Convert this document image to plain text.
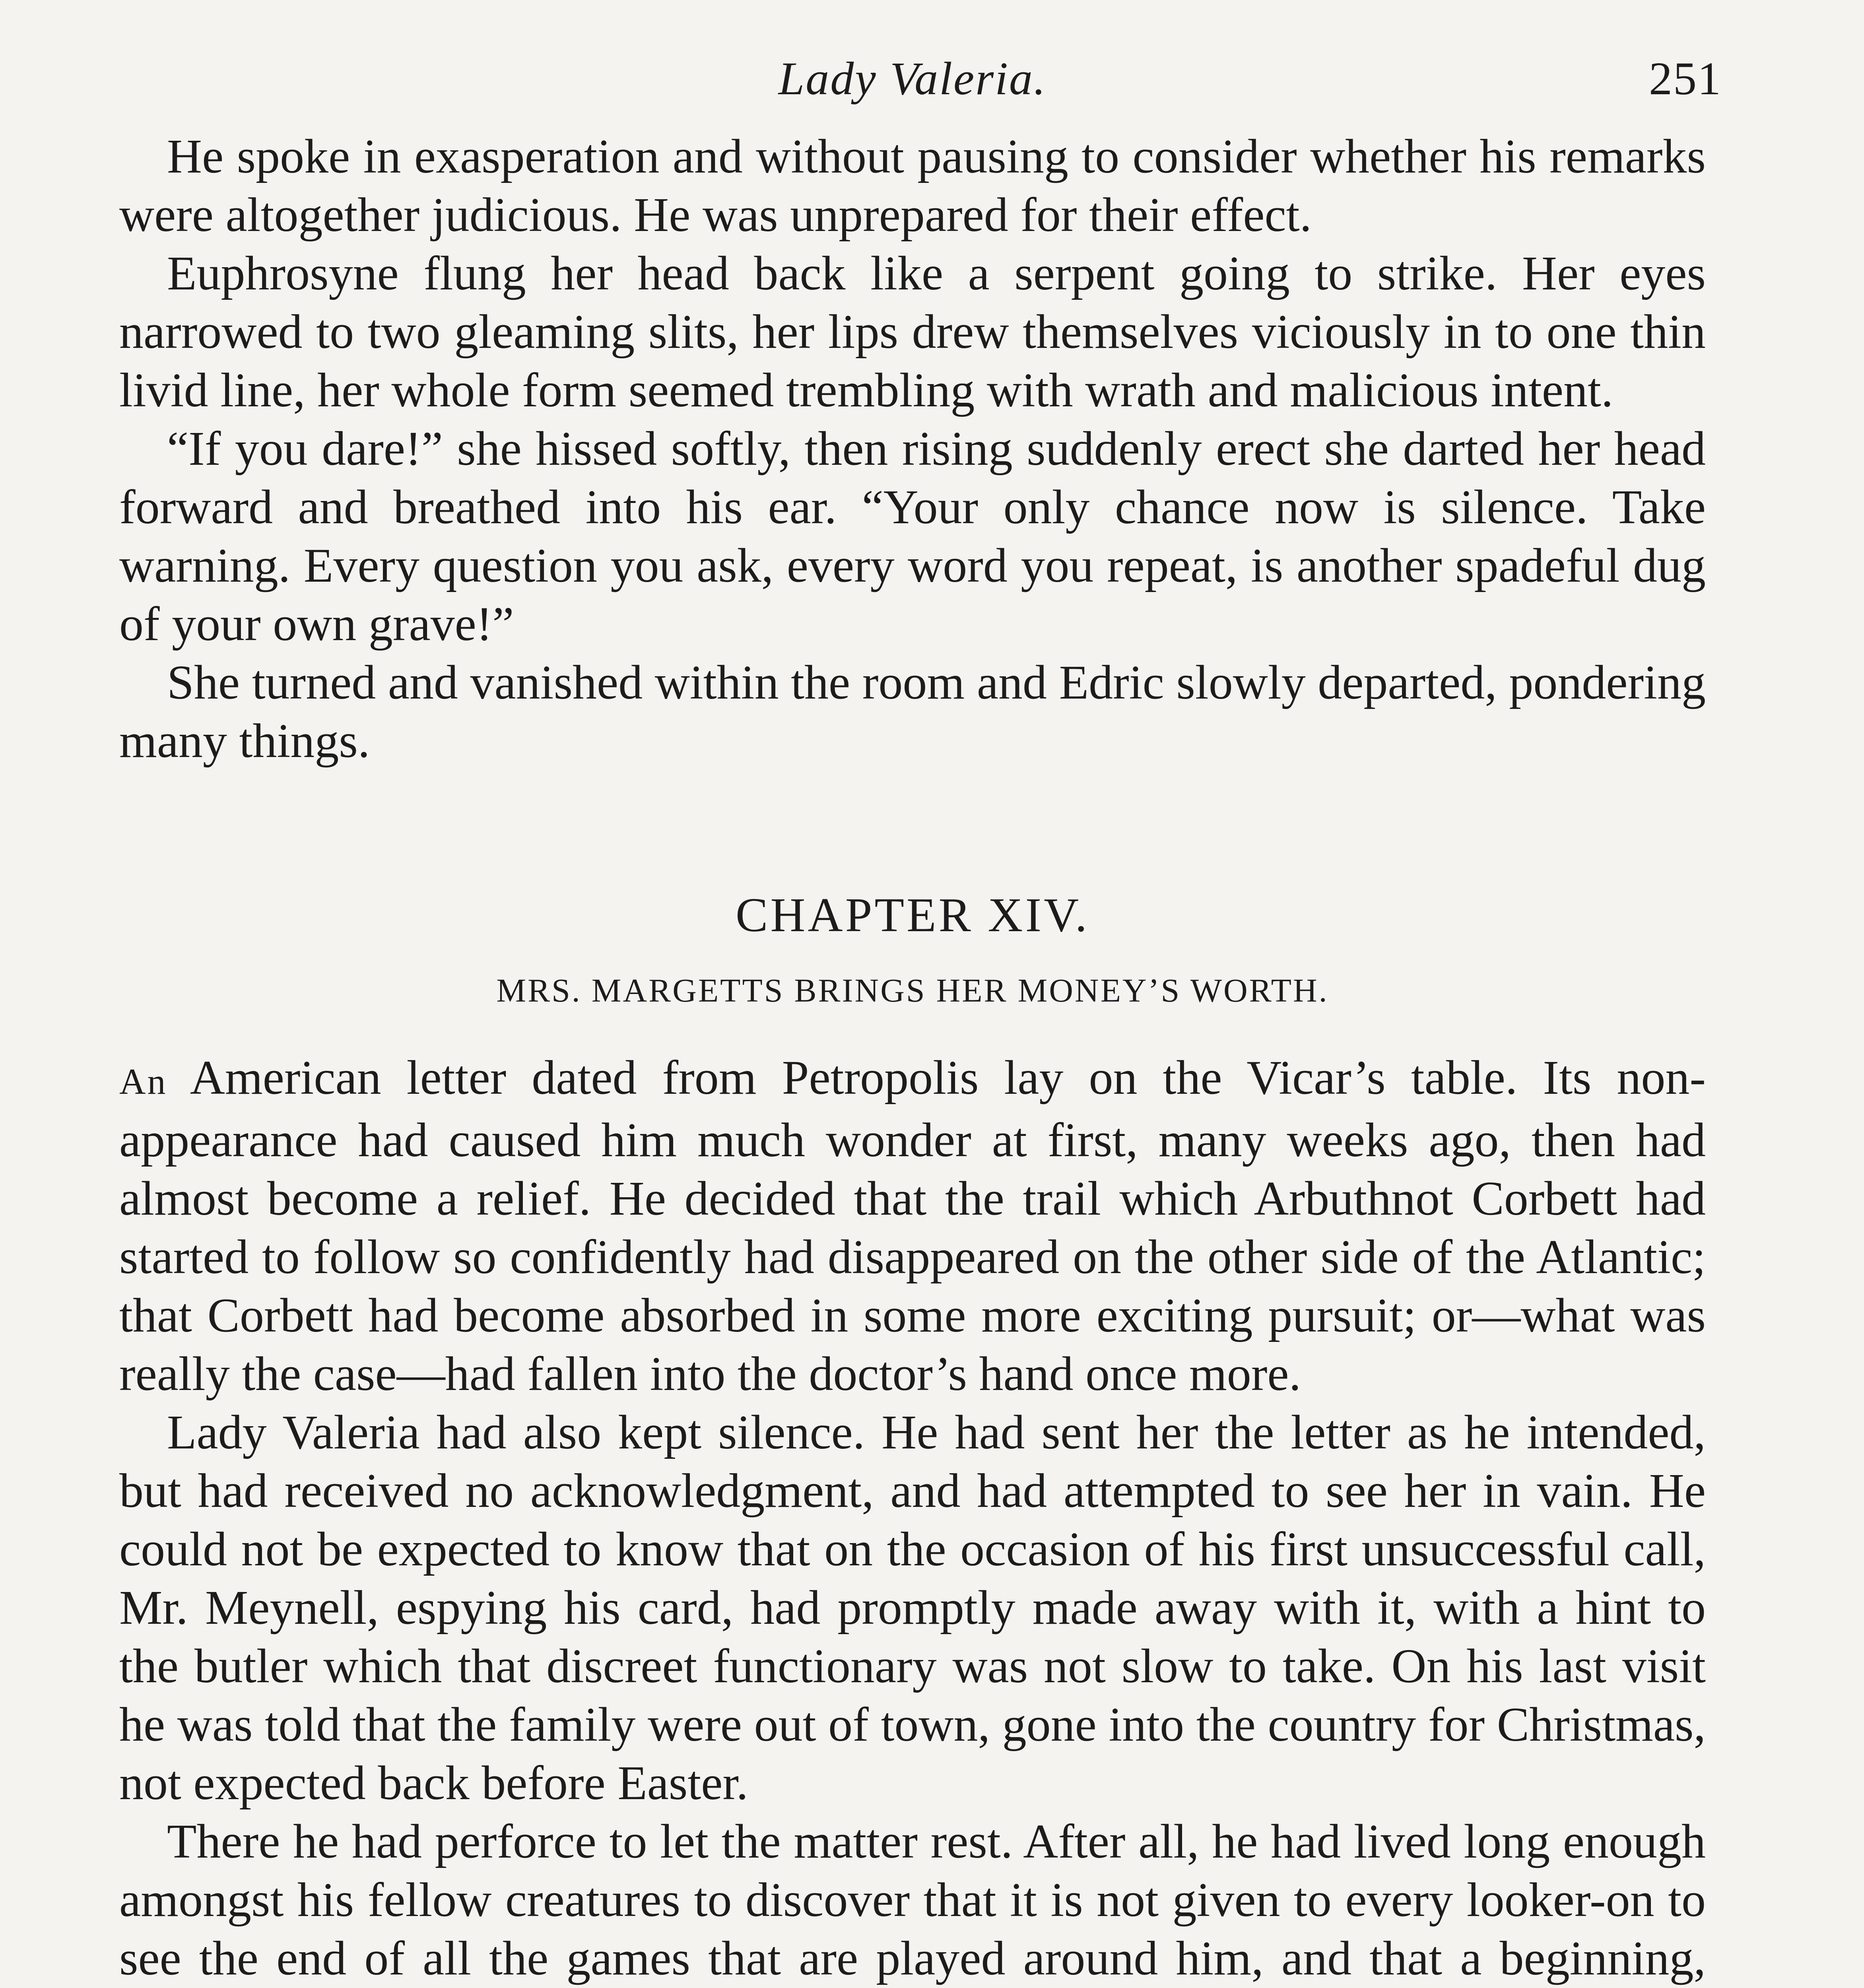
Lady Valeria.	251

He spoke in exasperation and without pausing to consider whether his remarks were altogether judicious. He was unprepared for their effect.

Euphrosyne flung her head back like a serpent going to strike. Her eyes narrowed to two gleaming slits, her lips drew themselves viciously in to one thin livid line, her whole form seemed trembling with wrath and malicious intent.

“If you dare!” she hissed softly, then rising suddenly erect she darted her head forward and breathed into his ear. “Your only chance now is silence. Take warning. Every question you ask, every word you repeat, is another spadeful dug of your own grave!”

She turned and vanished within the room and Edric slowly departed, pondering many things.

CHAPTER XIV.
MRS. MARGETTS BRINGS HER MONEY’S WORTH.

An American letter dated from Petropolis lay on the Vicar’s table. Its non-appearance had caused him much wonder at first, many weeks ago, then had almost become a relief. He decided that the trail which Arbuthnot Corbett had started to follow so confidently had disappeared on the other side of the Atlantic; that Corbett had become absorbed in some more exciting pursuit; or—what was really the case—had fallen into the doctor’s hand once more.

Lady Valeria had also kept silence. He had sent her the letter as he intended, but had received no acknowledgment, and had attempted to see her in vain. He could not be expected to know that on the occasion of his first unsuccessful call, Mr. Meynell, espying his card, had promptly made away with it, with a hint to the butler which that discreet functionary was not slow to take. On his last visit he was told that the family were out of town, gone into the country for Christmas, not expected back before Easter.

There he had perforce to let the matter rest. After all, he had lived long enough amongst his fellow creatures to discover that it is not given to every looker-on to see the end of all the games that are played around him, and that a beginning,
